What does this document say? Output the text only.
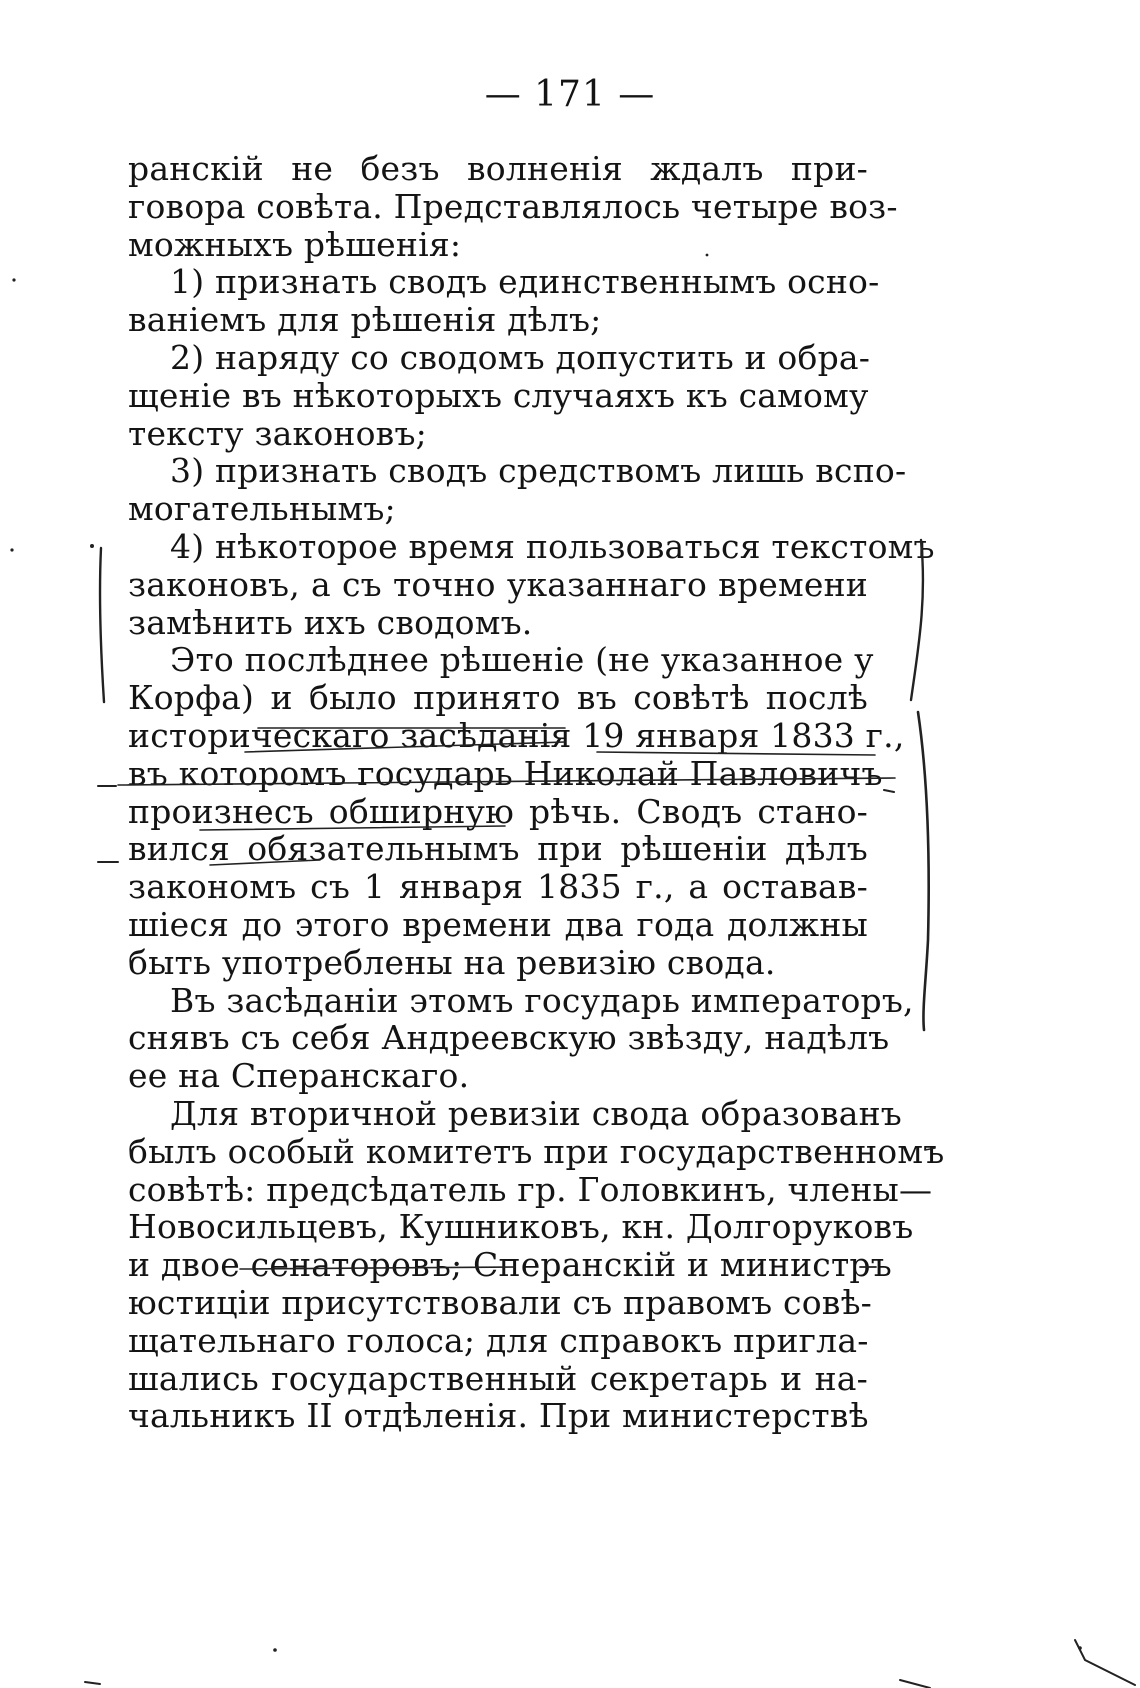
— 171 —
ранскій не безъ волненія ждалъ при-
говора совѣта. Представлялось четыре воз-
можныхъ рѣшенія:
1) признать сводъ единственнымъ осно-
ваніемъ для рѣшенія дѣлъ;
2) наряду со сводомъ допустить и обра-
щеніе въ нѣкоторыхъ случаяхъ къ самому
тексту законовъ;
3) признать сводъ средствомъ лишь вспо-
могательнымъ;
4) нѣкоторое время пользоваться текстомъ
законовъ, а съ точно указаннаго времени
замѣнить ихъ сводомъ.
Это послѣднее рѣшеніе (не указанное у
Корфа) и было принято въ совѣтѣ послѣ
историческаго засѣданія 19 января 1833 г.,
въ которомъ государь Николай Павловичъ
произнесъ обширную рѣчь. Сводъ стано-
вился обязательнымъ при рѣшеніи дѣлъ
закономъ съ 1 января 1835 г., а оставав-
шіеся до этого времени два года должны
быть употреблены на ревизію свода.
Въ засѣданіи этомъ государь императоръ,
снявъ съ себя Андреевскую звѣзду, надѣлъ
ее на Сперанскаго.
Для вторичной ревизіи свода образованъ
былъ особый комитетъ при государственномъ
совѣтѣ: предсѣдатель гр. Головкинъ, члены—
Новосильцевъ, Кушниковъ, кн. Долгоруковъ
и двое сенаторовъ; Сперанскій и министръ
юстиціи присутствовали съ правомъ совѣ-
щательнаго голоса; для справокъ пригла-
шались государственный секретарь и на-
чальникъ II отдѣленія. При министерствѣ
